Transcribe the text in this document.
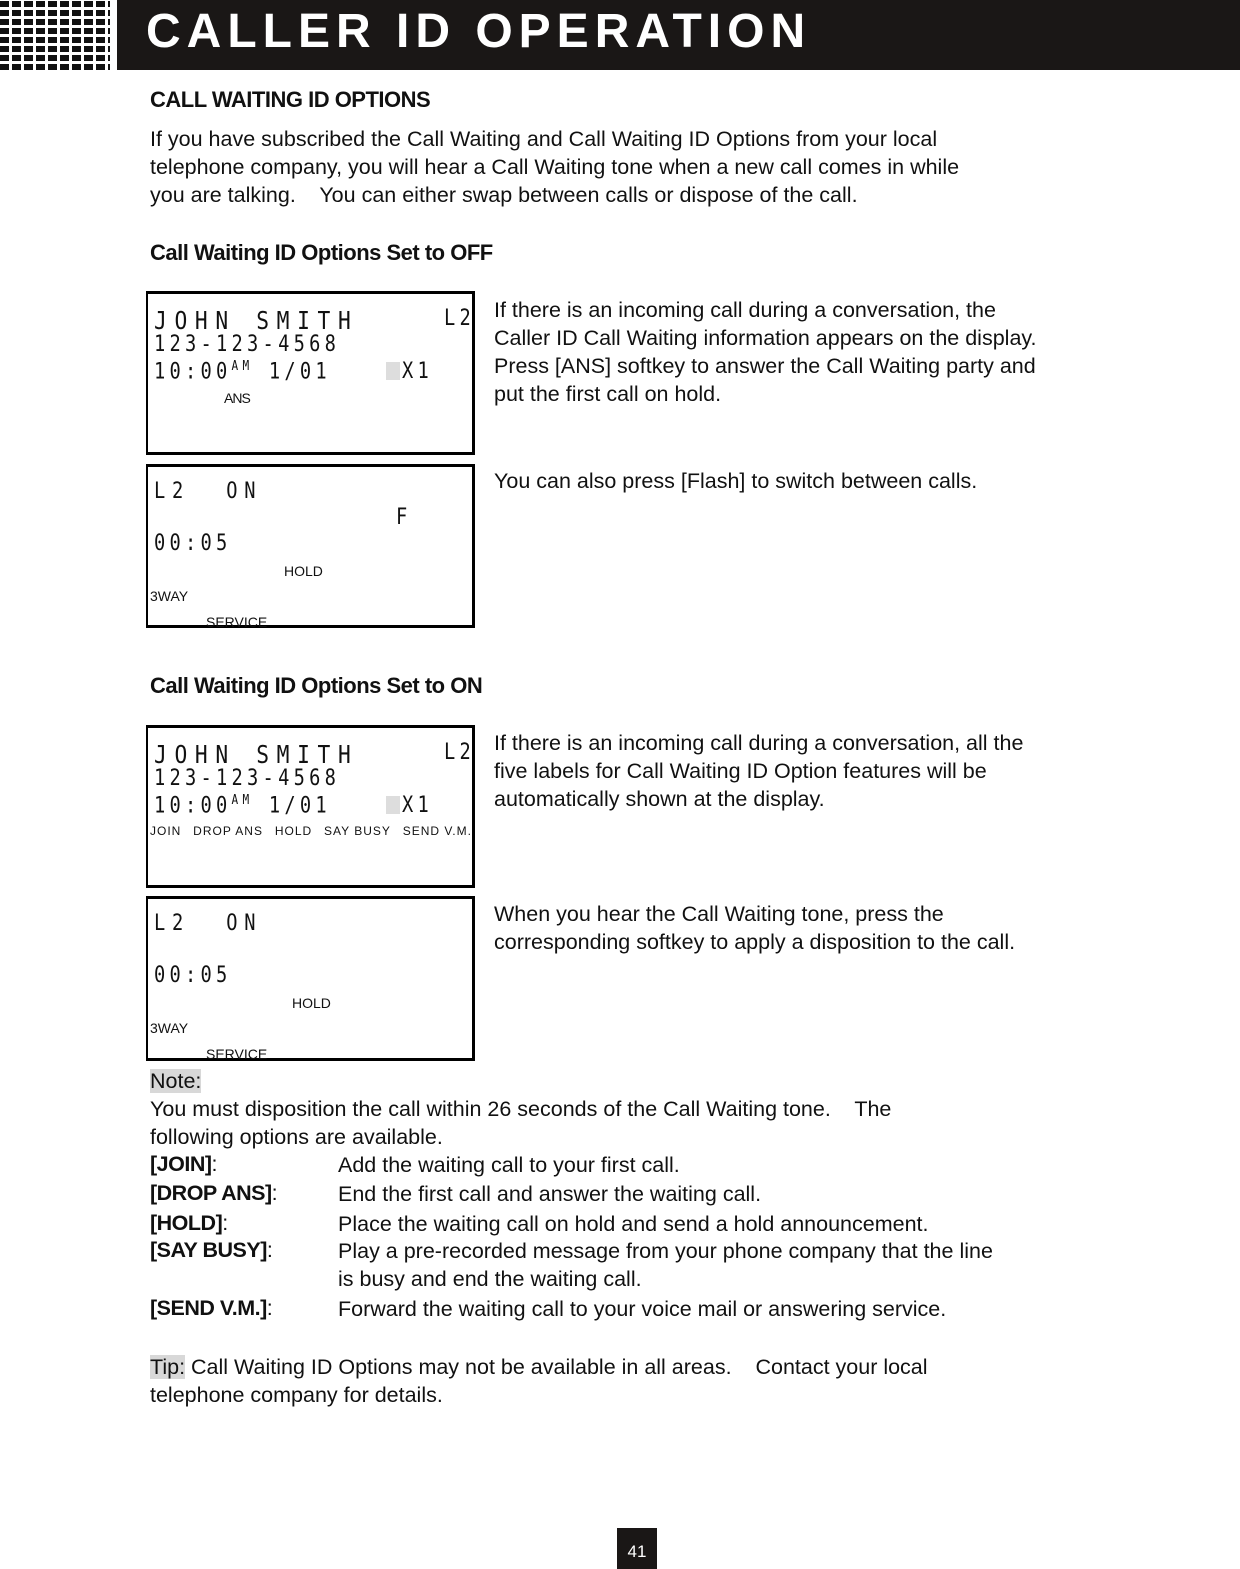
CALLER ID OPERATION
CALL WAITING ID OPTIONS
If you have subscribed the Call Waiting and Call Waiting ID Options from your local
telephone company, you will hear a Call Waiting tone when a new call comes in while
you are talking.    You can either swap between calls or dispose of the call.
Call Waiting ID Options Set to OFF
JOHN SMITH	L2
123-123-4568
$10:00^{AM}$ 1/01	X1
ANS
L2  ON
F
00:05
HOLD
3WAY
SERVICE
If there is an incoming call during a conversation, the
Caller ID Call Waiting information appears on the display.
Press [ANS] softkey to answer the Call Waiting party and
put the first call on hold.
You can also press [Flash] to switch between calls.
Call Waiting ID Options Set to ON
JOHN SMITH	L2
123-123-4568
$10:00^{AM}$ 1/01	X1
JOIN DROP ANS HOLD SAY BUSY SEND V.M.
L2  ON
00:05
HOLD
3WAY
SERVICE
If there is an incoming call during a conversation, all the
five labels for Call Waiting ID Option features will be
automatically shown at the display.
When you hear the Call Waiting tone, press the
corresponding softkey to apply a disposition to the call.
Note:
You must disposition the call within 26 seconds of the Call Waiting tone.    The
following options are available.
[JOIN]:	Add the waiting call to your first call.
[DROP ANS]:	End the first call and answer the waiting call.
[HOLD]:	Place the waiting call on hold and send a hold announcement.
[SAY BUSY]:	Play a pre-recorded message from your phone company that the line
is busy and end the waiting call.
[SEND V.M.]:	Forward the waiting call to your voice mail or answering service.
Tip: Call Waiting ID Options may not be available in all areas.    Contact your local
telephone company for details.
41
